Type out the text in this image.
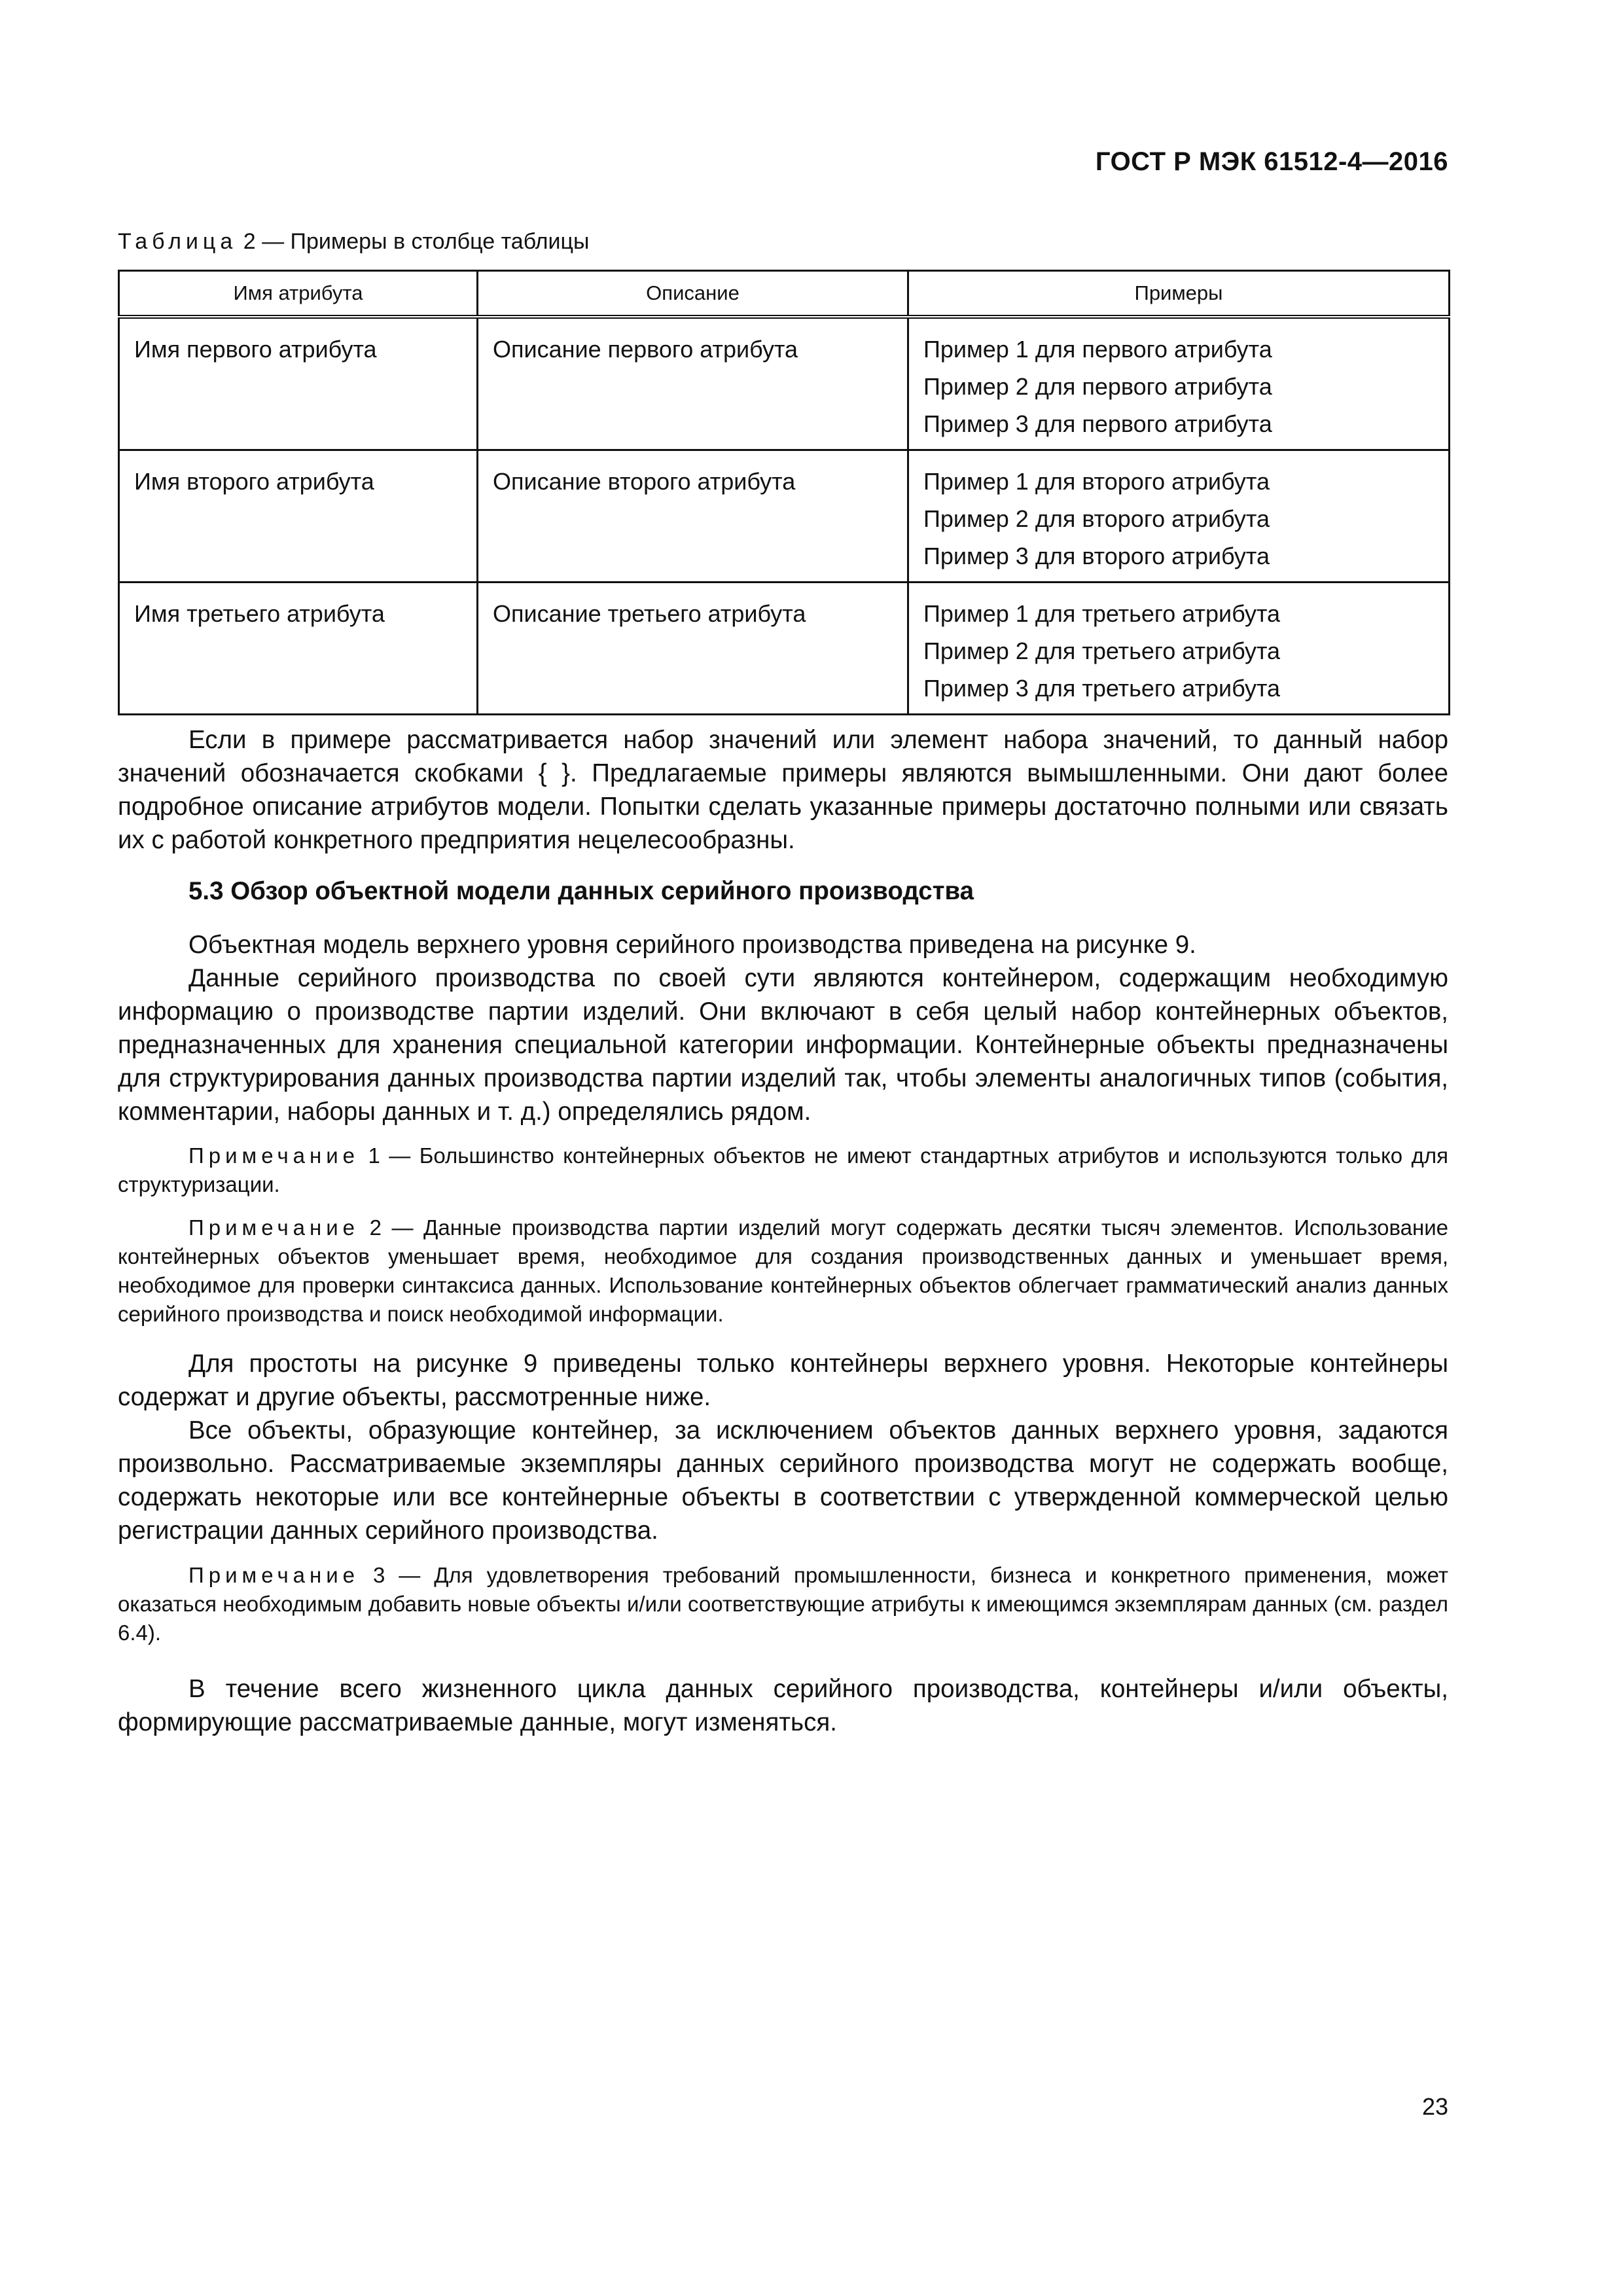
ГОСТ Р МЭК 61512-4—2016
Таблица 2 — Примеры в столбце таблицы
Имя атрибута	Описание	Примеры
Имя первого атрибута	Описание первого атрибута	Пример 1 для первого атрибута
Пример 2 для первого атрибута
Пример 3 для первого атрибута

Имя второго атрибута	Описание второго атрибута	Пример 1 для второго атрибута
Пример 2 для второго атрибута
Пример 3 для второго атрибута

Имя третьего атрибута	Описание третьего атрибута	Пример 1 для третьего атрибута
Пример 2 для третьего атрибута
Пример 3 для третьего атрибута

Если в примере рассматривается набор значений или элемент набора значений, то данный набор значений обозначается скобками { }. Предлагаемые примеры являются вымышленными. Они дают более подробное описание атрибутов модели. Попытки сделать указанные примеры достаточно полными или связать их с работой конкретного предприятия нецелесообразны.

5.3 Обзор объектной модели данных серийного производства

Объектная модель верхнего уровня серийного производства приведена на рисунке 9.

Данные серийного производства по своей сути являются контейнером, содержащим необходимую информацию о производстве партии изделий. Они включают в себя целый набор контейнерных объектов, предназначенных для хранения специальной категории информации. Контейнерные объекты предназначены для структурирования данных производства партии изделий так, чтобы элементы аналогичных типов (события, комментарии, наборы данных и т. д.) определялись рядом.

Примечание 1 — Большинство контейнерных объектов не имеют стандартных атрибутов и используются только для структуризации.

Примечание 2 — Данные производства партии изделий могут содержать десятки тысяч элементов. Использование контейнерных объектов уменьшает время, необходимое для создания производственных данных и уменьшает время, необходимое для проверки синтаксиса данных. Использование контейнерных объектов облегчает грамматический анализ данных серийного производства и поиск необходимой информации.

Для простоты на рисунке 9 приведены только контейнеры верхнего уровня. Некоторые контейнеры содержат и другие объекты, рассмотренные ниже.

Все объекты, образующие контейнер, за исключением объектов данных верхнего уровня, задаются произвольно. Рассматриваемые экземпляры данных серийного производства могут не содержать вообще, содержать некоторые или все контейнерные объекты в соответствии с утвержденной коммерческой целью регистрации данных серийного производства.

Примечание 3 — Для удовлетворения требований промышленности, бизнеса и конкретного применения, может оказаться необходимым добавить новые объекты и/или соответствующие атрибуты к имеющимся экземплярам данных (см. раздел 6.4).

В течение всего жизненного цикла данных серийного производства, контейнеры и/или объекты, формирующие рассматриваемые данные, могут изменяться.

23
